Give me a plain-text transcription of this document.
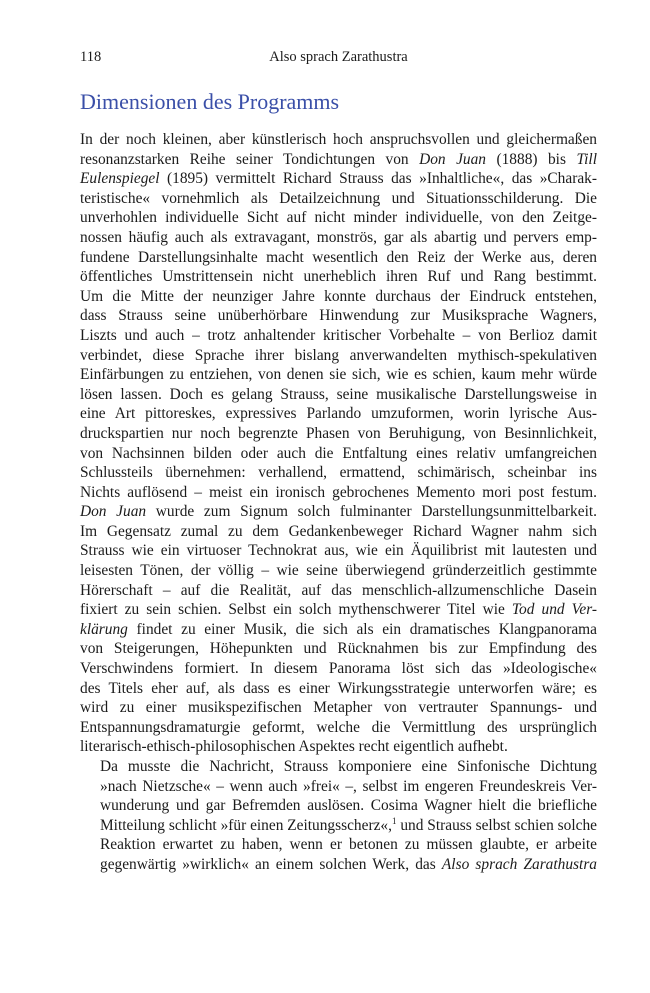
118	Also sprach Zarathustra
Dimensionen des Programms

In der noch kleinen, aber künstlerisch hoch anspruchsvollen und gleichermaßen
resonanzstarken Reihe seiner Tondichtungen von Don Juan (1888) bis Till
Eulenspiegel (1895) vermittelt Richard Strauss das »Inhaltliche«, das »Charak-
teristische« vornehmlich als Detailzeichnung und Situationsschilderung. Die
unverhohlen individuelle Sicht auf nicht minder individuelle, von den Zeitge-
nossen häufig auch als extravagant, monströs, gar als abartig und pervers emp-
fundene Darstellungsinhalte macht wesentlich den Reiz der Werke aus, deren
öffentliches Umstrittensein nicht unerheblich ihren Ruf und Rang bestimmt.
Um die Mitte der neunziger Jahre konnte durchaus der Eindruck entstehen,
dass Strauss seine unüberhörbare Hinwendung zur Musiksprache Wagners,
Liszts und auch – trotz anhaltender kritischer Vorbehalte – von Berlioz damit
verbindet, diese Sprache ihrer bislang anverwandelten mythisch-spekulativen
Einfärbungen zu entziehen, von denen sie sich, wie es schien, kaum mehr würde
lösen lassen. Doch es gelang Strauss, seine musikalische Darstellungsweise in
eine Art pittoreskes, expressives Parlando umzuformen, worin lyrische Aus-
druckspartien nur noch begrenzte Phasen von Beruhigung, von Besinnlichkeit,
von Nachsinnen bilden oder auch die Entfaltung eines relativ umfangreichen
Schlussteils übernehmen: verhallend, ermattend, schimärisch, scheinbar ins
Nichts auflösend – meist ein ironisch gebrochenes Memento mori post festum.
Don Juan wurde zum Signum solch fulminanter Darstellungsunmittelbarkeit.
Im Gegensatz zumal zu dem Gedankenbeweger Richard Wagner nahm sich
Strauss wie ein virtuoser Technokrat aus, wie ein Äquilibrist mit lautesten und
leisesten Tönen, der völlig – wie seine überwiegend gründerzeitlich gestimmte
Hörerschaft – auf die Realität, auf das menschlich-allzumenschliche Dasein
fixiert zu sein schien. Selbst ein solch mythenschwerer Titel wie Tod und Ver-
klärung findet zu einer Musik, die sich als ein dramatisches Klangpanorama
von Steigerungen, Höhepunkten und Rücknahmen bis zur Empfindung des
Verschwindens formiert. In diesem Panorama löst sich das »Ideologische«
des Titels eher auf, als dass es einer Wirkungsstrategie unterworfen wäre; es
wird zu einer musikspezifischen Metapher von vertrauter Spannungs- und
Entspannungsdramaturgie geformt, welche die Vermittlung des ursprünglich
literarisch-ethisch-philosophischen Aspektes recht eigentlich aufhebt.

Da musste die Nachricht, Strauss komponiere eine Sinfonische Dichtung
»nach Nietzsche« – wenn auch »frei« –, selbst im engeren Freundeskreis Ver-
wunderung und gar Befremden auslösen. Cosima Wagner hielt die briefliche
Mitteilung schlicht »für einen Zeitungsscherz«,$^1$ und Strauss selbst schien solche
Reaktion erwartet zu haben, wenn er betonen zu müssen glaubte, er arbeite
gegenwärtig »wirklich« an einem solchen Werk, das Also sprach Zarathustra
